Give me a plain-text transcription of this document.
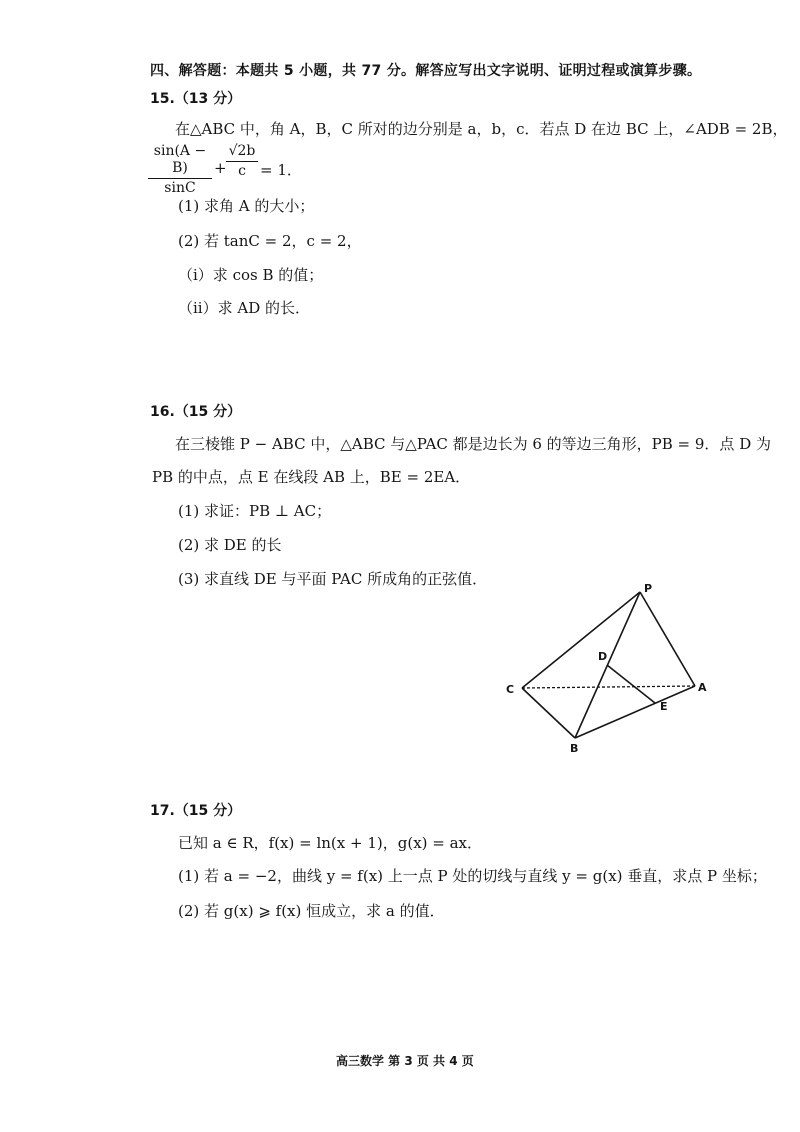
四、解答题：本题共 5 小题，共 77 分。解答应写出文字说明、证明过程或演算步骤。
15.（13 分）
在△ABC 中，角 A，B，C 所对的边分别是 a，b，c．若点 D 在边 BC 上，∠ADB = 2B，
sin(A − B)
sinC
+
√2b
c = 1．
(1) 求角 A 的大小；
(2) 若 tanC = 2，c = 2，
（i）求 cos B 的值；
（ii）求 AD 的长．
16.（15 分）
在三棱锥 P − ABC 中，△ABC 与△PAC 都是边长为 6 的等边三角形，PB = 9．点 D 为
PB 的中点，点 E 在线段 AB 上，BE = 2EA．
(1) 求证：PB ⊥ AC；
(2) 求 DE 的长
(3) 求直线 DE 与平面 PAC 所成角的正弦值．
P
D
C	A
E
B
17.（15 分）
已知 a ∈ R，f(x) = ln(x + 1)，g(x) = ax．
(1) 若 a = −2，曲线 y = f(x) 上一点 P 处的切线与直线 y = g(x) 垂直，求点 P 坐标；
(2) 若 g(x) ⩾ f(x) 恒成立，求 a 的值．
高三数学 第 3 页 共 4 页
